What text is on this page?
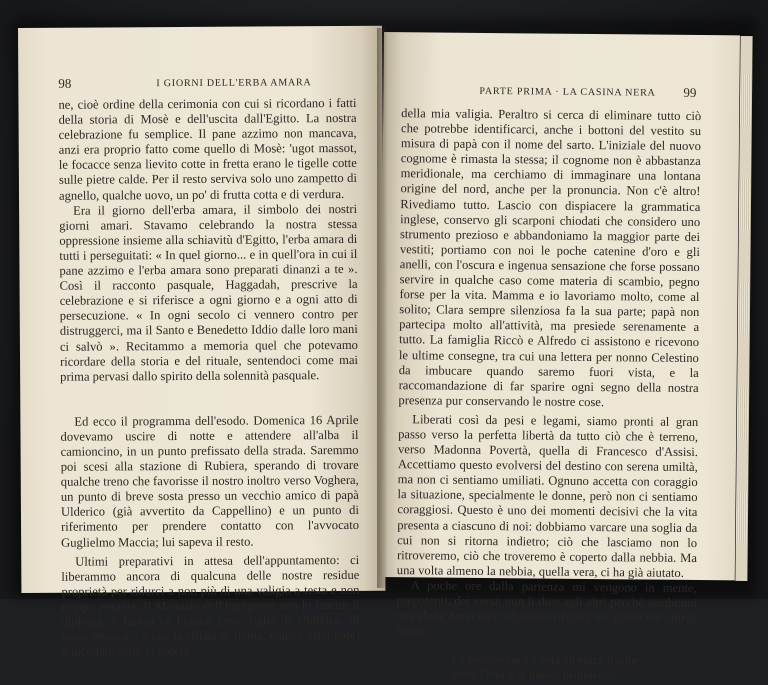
98	I GIORNI DELL'ERBA AMARA

ne, cioè ordine della cerimonia con cui si ricordano i fatti della storia di Mosè e dell'uscita dall'Egitto. La nostra celebrazione fu semplice. Il pane azzimo non mancava, anzi era proprio fatto come quello di Mosè: 'ugot massot, le focacce senza lievito cotte in fretta erano le tigelle cotte sulle pietre calde. Per il resto serviva solo uno zampetto di agnello, qualche uovo, un po' di frutta cotta e di verdura.

Era il giorno dell'erba amara, il simbolo dei nostri giorni amari. Stavamo celebrando la nostra stessa oppressione insieme alla schiavitù d'Egitto, l'erba amara di tutti i perseguitati: « In quel giorno... e in quell'ora in cui il pane azzimo e l'erba amara sono preparati dinanzi a te ». Così il racconto pasquale, Haggadah, prescrive la celebrazione e si riferisce a ogni giorno e a ogni atto di persecuzione. « In ogni secolo ci vennero contro per distruggerci, ma il Santo e Benedetto Iddio dalle loro mani ci salvò ». Recitammo a memoria quel che potevamo ricordare della storia e del rituale, sentendoci come mai prima pervasi dallo spirito della solennità pasquale.

Ed ecco il programma dell'esodo. Domenica 16 Aprile dovevamo uscire di notte e attendere all'alba il camioncino, in un punto prefissato della strada. Saremmo poi scesi alla stazione di Rubiera, sperando di trovare qualche treno che favorisse il nostro inoltro verso Voghera, un punto di breve sosta presso un vecchio amico di papà Ulderico (già avvertito da Cappellino) e un punto di riferimento per prendere contatto con l'avvocato Guglielmo Maccia; lui sapeva il resto.

Ultimi preparativi in attesa dell'appuntamento: ci liberammo ancora di qualcuna delle nostre residue proprietà per ridurci a non più di una valigia a testa e non troppo pesante. Il Manuale dell'Ingegnere non lo lascio; il diploma di laurea (« Franco Levi, figlio di Ulderico, di razza ebraica... » con la sfilata di trenta, chiusa dalla lode) è incollato sotto la fodera

PARTE PRIMA · LA CASINA NERA 99

della mia valigia. Peraltro si cerca di eliminare tutto ciò che potrebbe identificarci, anche i bottoni del vestito su misura di papà con il nome del sarto. L'iniziale del nuovo cognome è rimasta la stessa; il cognome non è abbastanza meridionale, ma cerchiamo di immaginare una lontana origine del nord, anche per la pronuncia. Non c'è altro! Rivediamo tutto. Lascio con dispiacere la grammatica inglese, conservo gli scarponi chiodati che considero uno strumento prezioso e abbandoniamo la maggior parte dei vestiti; portiamo con noi le poche catenine d'oro e gli anelli, con l'oscura e ingenua sensazione che forse possano servire in qualche caso come materia di scambio, pegno forse per la vita. Mamma e io lavoriamo molto, come al solito; Clara sempre silenziosa fa la sua parte; papà non partecipa molto all'attività, ma presiede serenamente a tutto. La famiglia Riccò e Alfredo ci assistono e ricevono le ultime consegne, tra cui una lettera per nonno Celestino da imbucare quando saremo fuori vista, e la raccomandazione di far sparire ogni segno della nostra presenza pur conservando le nostre cose.

Liberati così da pesi e legami, siamo pronti al gran passo verso la perfetta libertà da tutto ciò che è terreno, verso Madonna Povertà, quella di Francesco d'Assisi. Accettiamo questo evolversi del destino con serena umiltà, ma non ci sentiamo umiliati. Ognuno accetta con coraggio la situazione, specialmente le donne, però non ci sentiamo coraggiosi. Questo è uno dei momenti decisivi che la vita presenta a ciascuno di noi: dobbiamo varcare una soglia da cui non si ritorna indietro; ciò che lasciamo non lo ritroveremo, ciò che troveremo è coperto dalla nebbia. Ma una volta almeno la nebbia, quella vera, ci ha già aiutato.

A poche ore dalla partenza mi vengono in mente, prepotenti, dei versi: non li dico agli altri perché sembrano una sfida. Sono nati nel nostro rifugio, nei giorni dei ciliegi fioriti:

La piccionaia è vuota ed entra il sole;
entra l'aria e la nuova primavera:
